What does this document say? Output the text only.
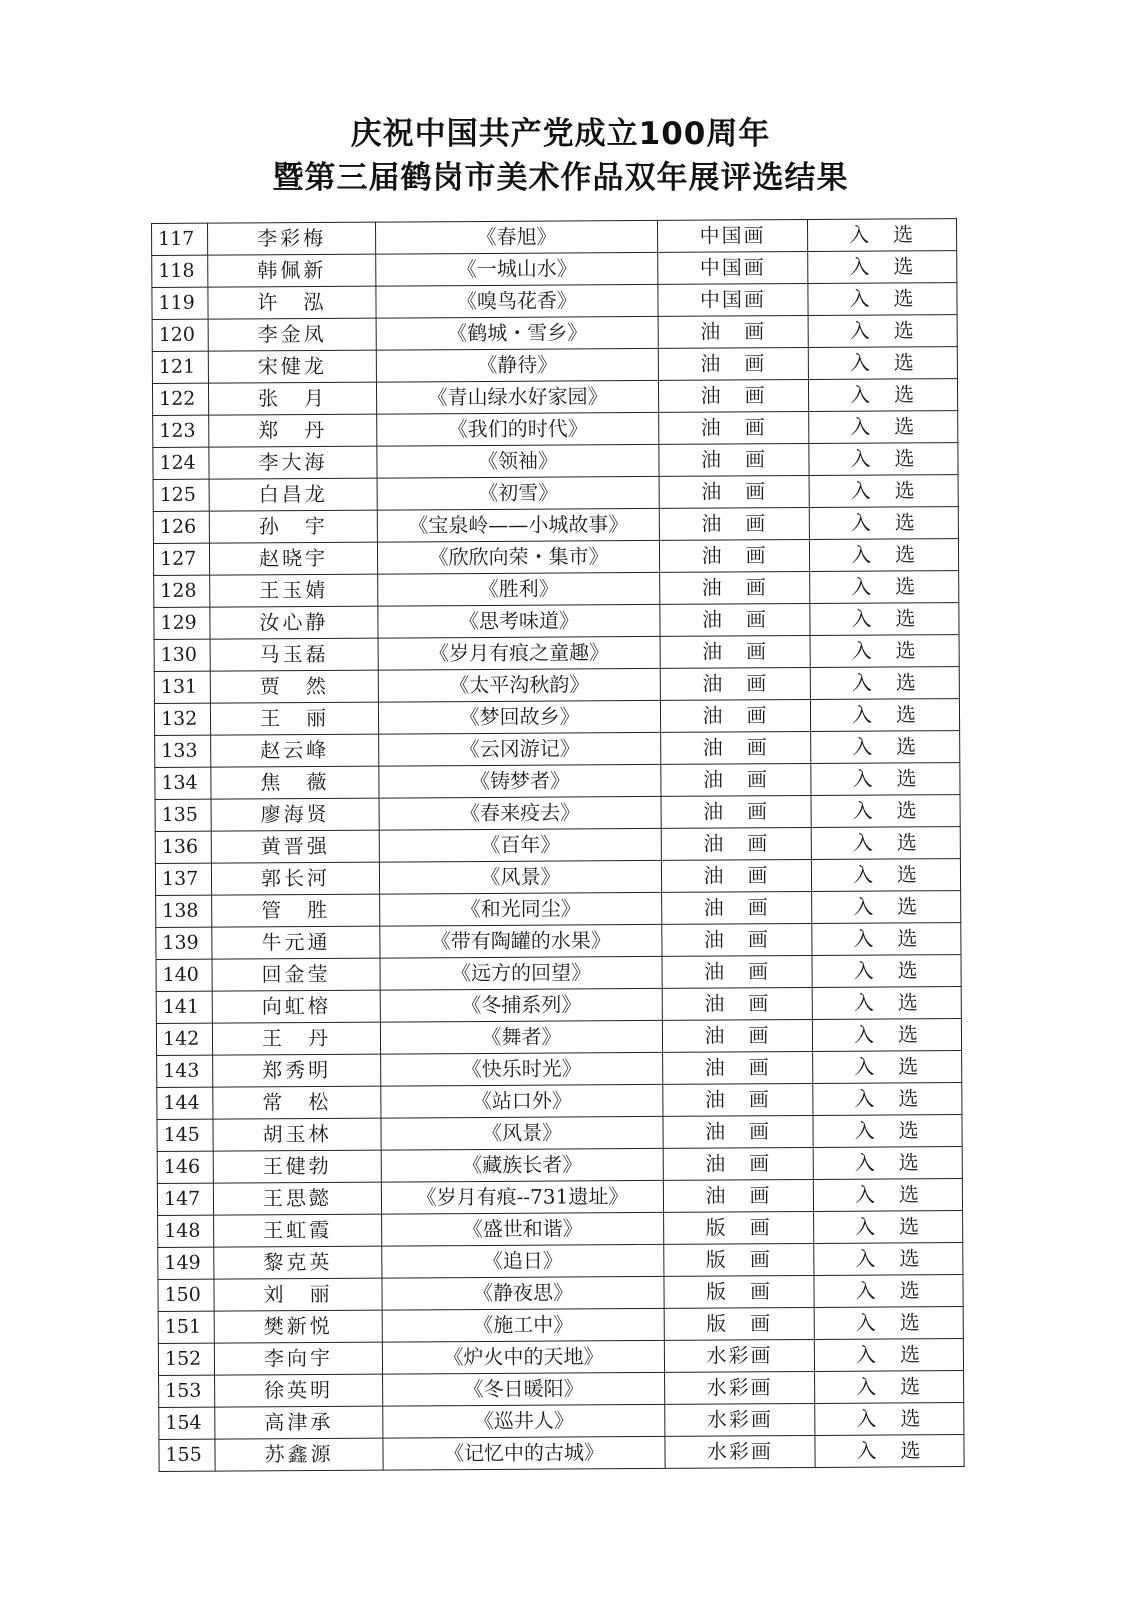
庆祝中国共产党成立100周年
暨第三届鹤岗市美术作品双年展评选结果
117	李彩梅	《春旭》	中国画	入　选
118	韩佩新	《一城山水》	中国画	入　选
119	许　泓	《嗅鸟花香》	中国画	入　选
120	李金凤	《鹤城・雪乡》	油　画	入　选
121	宋健龙	《静待》	油　画	入　选
122	张　月	《青山绿水好家园》	油　画	入　选
123	郑　丹	《我们的时代》	油　画	入　选
124	李大海	《领袖》	油　画	入　选
125	白昌龙	《初雪》	油　画	入　选
126	孙　宇	《宝泉岭——小城故事》	油　画	入　选
127	赵晓宇	《欣欣向荣・集市》	油　画	入　选
128	王玉婧	《胜利》	油　画	入　选
129	汝心静	《思考味道》	油　画	入　选
130	马玉磊	《岁月有痕之童趣》	油　画	入　选
131	贾　然	《太平沟秋韵》	油　画	入　选
132	王　丽	《梦回故乡》	油　画	入　选
133	赵云峰	《云冈游记》	油　画	入　选
134	焦　薇	《铸梦者》	油　画	入　选
135	廖海贤	《春来疫去》	油　画	入　选
136	黄晋强	《百年》	油　画	入　选
137	郭长河	《风景》	油　画	入　选
138	管　胜	《和光同尘》	油　画	入　选
139	牛元通	《带有陶罐的水果》	油　画	入　选
140	回金莹	《远方的回望》	油　画	入　选
141	向虹榕	《冬捕系列》	油　画	入　选
142	王　丹	《舞者》	油　画	入　选
143	郑秀明	《快乐时光》	油　画	入　选
144	常　松	《站口外》	油　画	入　选
145	胡玉林	《风景》	油　画	入　选
146	王健勃	《藏族长者》	油　画	入　选
147	王思懿	《岁月有痕--731遗址》	油　画	入　选
148	王虹霞	《盛世和谐》	版　画	入　选
149	黎克英	《追日》	版　画	入　选
150	刘　丽	《静夜思》	版　画	入　选
151	樊新悦	《施工中》	版　画	入　选
152	李向宇	《炉火中的天地》	水彩画	入　选
153	徐英明	《冬日暖阳》	水彩画	入　选
154	高津承	《巡井人》	水彩画	入　选
155	苏鑫源	《记忆中的古城》	水彩画	入　选
